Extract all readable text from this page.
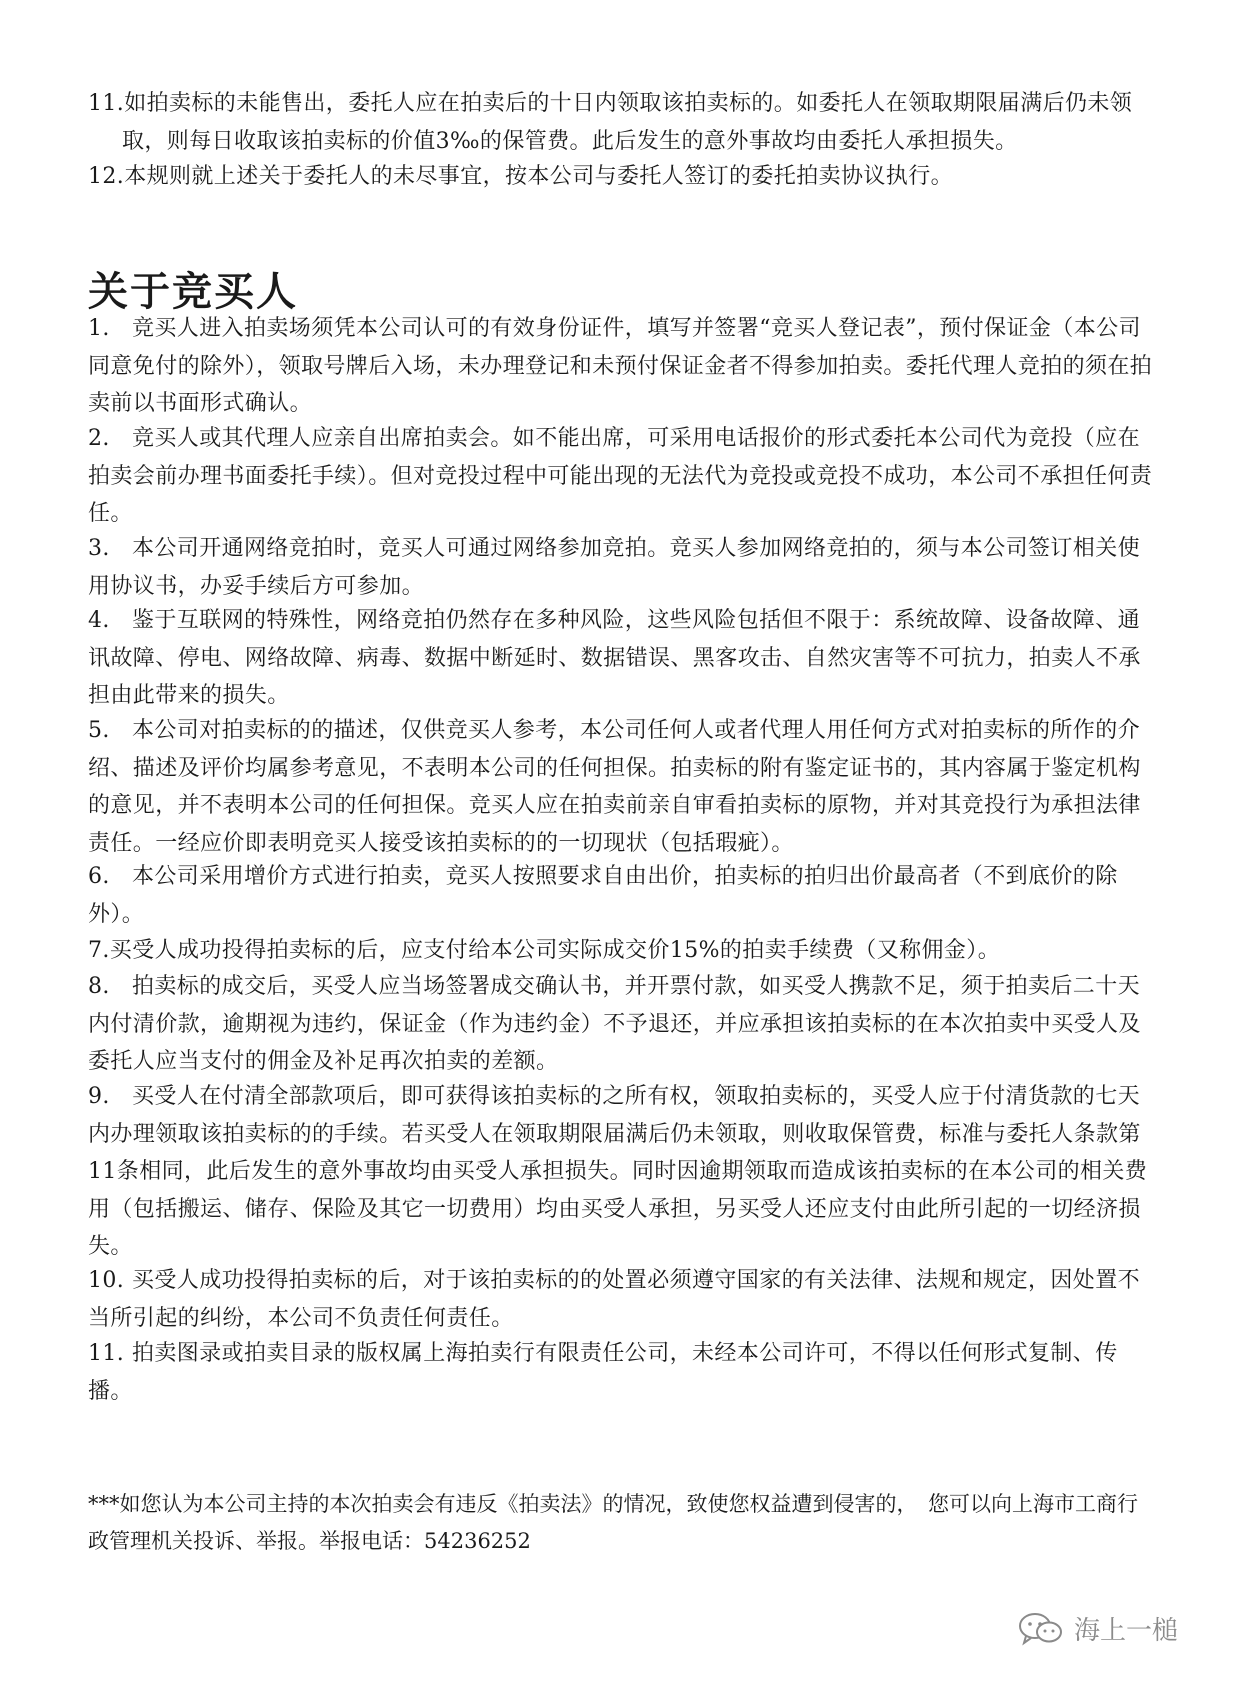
11.如拍卖标的未能售出，委托人应在拍卖后的十日内领取该拍卖标的。如委托人在领取期限届满后仍未领取，则每日收取该拍卖标的价值3‰的保管费。此后发生的意外事故均由委托人承担损失。
12.本规则就上述关于委托人的未尽事宜，按本公司与委托人签订的委托拍卖协议执行。
关于竞买人
1. 竞买人进入拍卖场须凭本公司认可的有效身份证件，填写并签署“竞买人登记表”，预付保证金（本公司同意免付的除外），领取号牌后入场，未办理登记和未预付保证金者不得参加拍卖。委托代理人竞拍的须在拍卖前以书面形式确认。
2. 竞买人或其代理人应亲自出席拍卖会。如不能出席，可采用电话报价的形式委托本公司代为竞投（应在拍卖会前办理书面委托手续）。但对竞投过程中可能出现的无法代为竞投或竞投不成功，本公司不承担任何责任。
3. 本公司开通网络竞拍时，竞买人可通过网络参加竞拍。竞买人参加网络竞拍的，须与本公司签订相关使用协议书，办妥手续后方可参加。
4. 鉴于互联网的特殊性，网络竞拍仍然存在多种风险，这些风险包括但不限于：系统故障、设备故障、通讯故障、停电、网络故障、病毒、数据中断延时、数据错误、黑客攻击、自然灾害等不可抗力，拍卖人不承担由此带来的损失。
5. 本公司对拍卖标的的描述，仅供竞买人参考，本公司任何人或者代理人用任何方式对拍卖标的所作的介绍、描述及评价均属参考意见，不表明本公司的任何担保。拍卖标的附有鉴定证书的，其内容属于鉴定机构的意见，并不表明本公司的任何担保。竞买人应在拍卖前亲自审看拍卖标的原物，并对其竞投行为承担法律责任。一经应价即表明竞买人接受该拍卖标的的一切现状（包括瑕疵）。
6. 本公司采用增价方式进行拍卖，竞买人按照要求自由出价，拍卖标的拍归出价最高者（不到底价的除外）。
7.买受人成功投得拍卖标的后，应支付给本公司实际成交价15%的拍卖手续费（又称佣金）。
8. 拍卖标的成交后，买受人应当场签署成交确认书，并开票付款，如买受人携款不足，须于拍卖后二十天内付清价款，逾期视为违约，保证金（作为违约金）不予退还，并应承担该拍卖标的在本次拍卖中买受人及委托人应当支付的佣金及补足再次拍卖的差额。
9. 买受人在付清全部款项后，即可获得该拍卖标的之所有权，领取拍卖标的，买受人应于付清货款的七天内办理领取该拍卖标的的手续。若买受人在领取期限届满后仍未领取，则收取保管费，标准与委托人条款第11条相同，此后发生的意外事故均由买受人承担损失。同时因逾期领取而造成该拍卖标的在本公司的相关费用（包括搬运、储存、保险及其它一切费用）均由买受人承担，另买受人还应支付由此所引起的一切经济损失。
10. 买受人成功投得拍卖标的后，对于该拍卖标的的处置必须遵守国家的有关法律、法规和规定，因处置不当所引起的纠纷，本公司不负责任何责任。
11. 拍卖图录或拍卖目录的版权属上海拍卖行有限责任公司，未经本公司许可，不得以任何形式复制、传播。
***如您认为本公司主持的本次拍卖会有违反《拍卖法》的情况，致使您权益遭到侵害的，　您可以向上海市工商行政管理机关投诉、举报。举报电话：54236252
海上一槌
